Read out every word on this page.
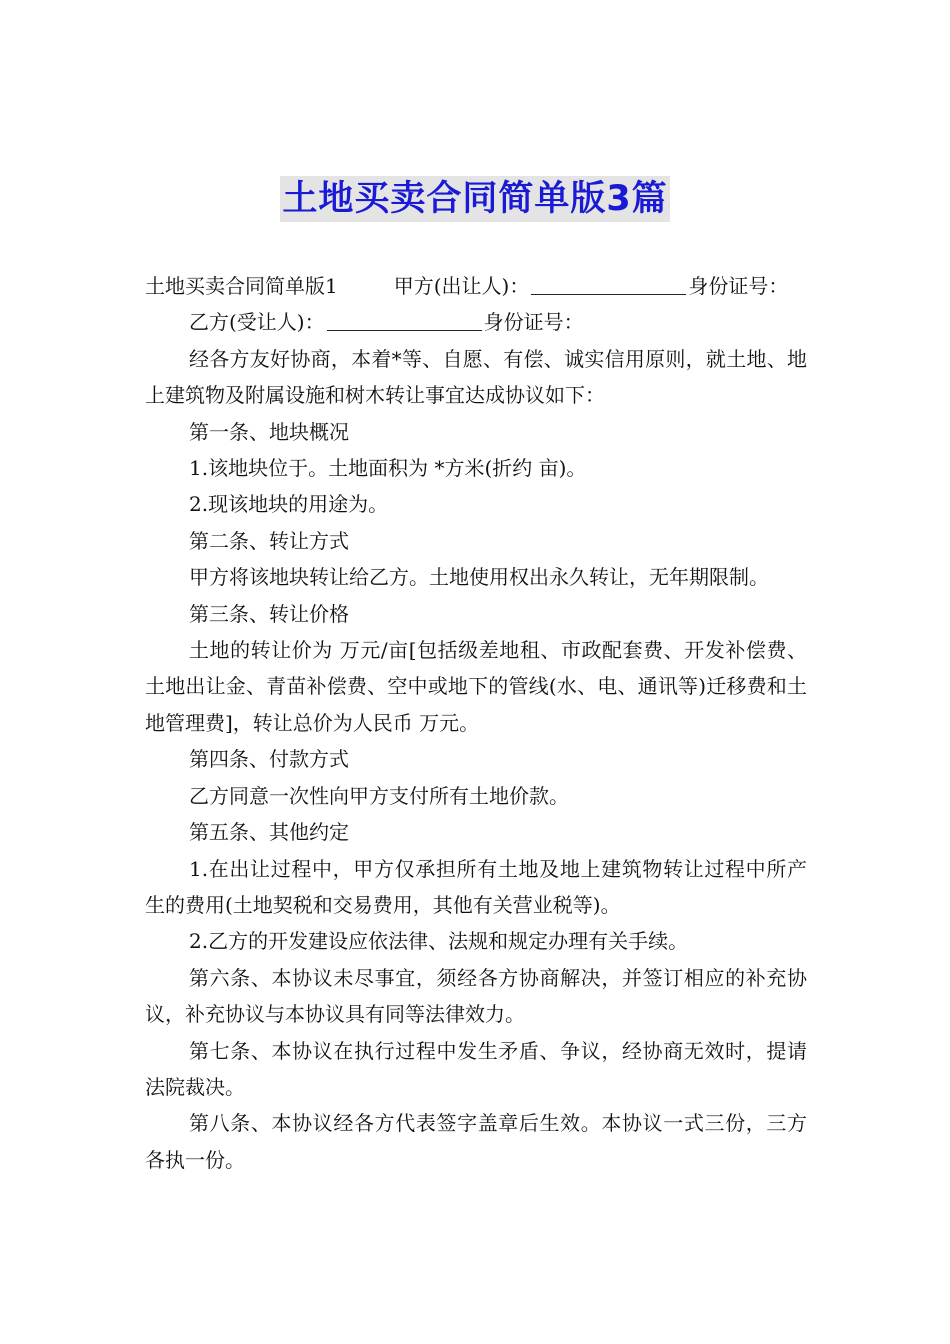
土地买卖合同简单版3篇

土地买卖合同简单版1	甲方(出让人)：	身份证号：

乙方(受让人)：	身份证号：

经各方友好协商，本着*等、自愿、有偿、诚实信用原则，就土地、地上建筑物及附属设施和树木转让事宜达成协议如下：

第一条、地块概况

1.该地块位于。土地面积为 *方米(折约 亩)。

2.现该地块的用途为。

第二条、转让方式

甲方将该地块转让给乙方。土地使用权出永久转让，无年期限制。

第三条、转让价格

土地的转让价为 万元/亩[包括级差地租、市政配套费、开发补偿费、土地出让金、青苗补偿费、空中或地下的管线(水、电、通讯等)迁移费和土地管理费]，转让总价为人民币 万元。

第四条、付款方式

乙方同意一次性向甲方支付所有土地价款。

第五条、其他约定

1.在出让过程中，甲方仅承担所有土地及地上建筑物转让过程中所产生的费用(土地契税和交易费用，其他有关营业税等)。

2.乙方的开发建设应依法律、法规和规定办理有关手续。

第六条、本协议未尽事宜，须经各方协商解决，并签订相应的补充协议，补充协议与本协议具有同等法律效力。

第七条、本协议在执行过程中发生矛盾、争议，经协商无效时，提请法院裁决。

第八条、本协议经各方代表签字盖章后生效。本协议一式三份，三方各执一份。
